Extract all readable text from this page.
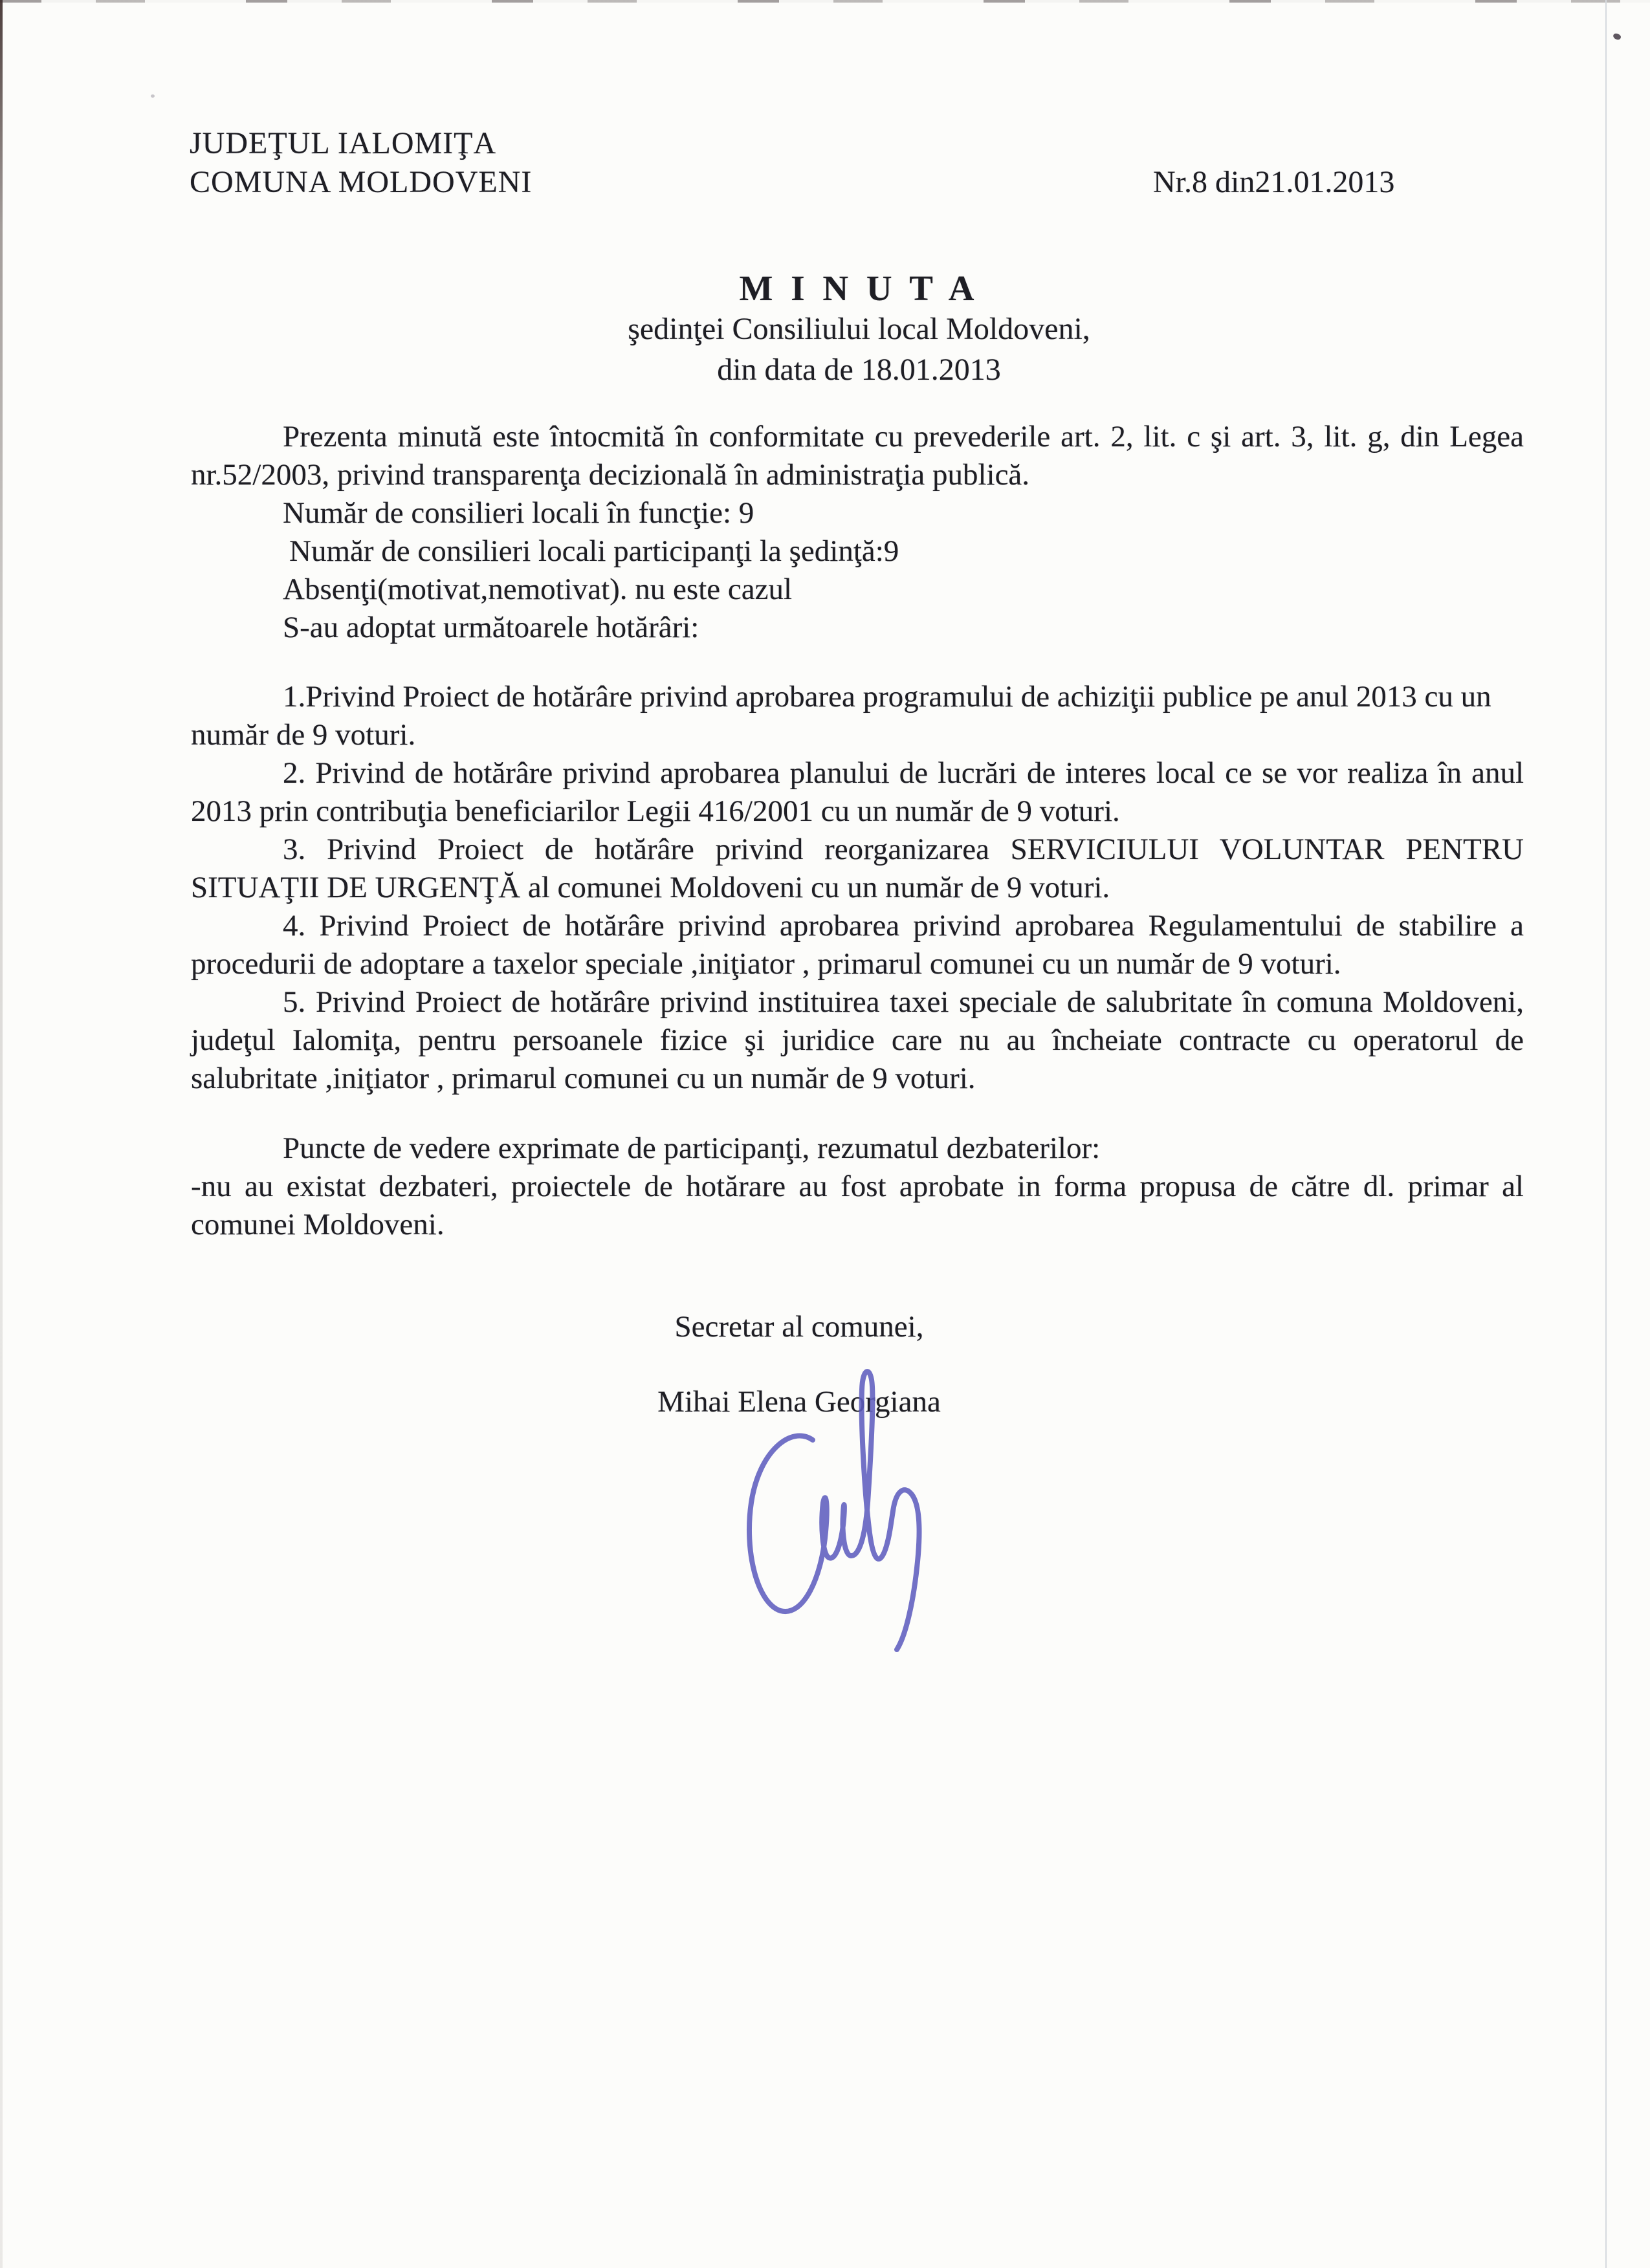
JUDEŢUL IALOMIŢA
COMUNA MOLDOVENI	Nr.8 din21.01.2013
M I N U T A
şedinţei Consiliului local Moldoveni,
din data de 18.01.2013

Prezenta minută este întocmită în conformitate cu prevederile art. 2, lit. c şi art. 3, lit. g, din Legea nr.52/2003, privind transparenţa decizională în administraţia publică.

Număr de consilieri locali în funcţie: 9

Număr de consilieri locali participanţi la şedinţă:9

Absenţi(motivat,nemotivat). nu este cazul

S-au adoptat următoarele hotărâri:

1.Privind Proiect de hotărâre privind aprobarea programului de achiziţii publice pe anul 2013 cu un număr de 9 voturi.

2. Privind de hotărâre privind aprobarea planului de lucrări de interes local ce se vor realiza în anul 2013 prin contribuţia beneficiarilor Legii 416/2001 cu un număr de 9 voturi.

3. Privind Proiect de hotărâre privind reorganizarea SERVICIULUI VOLUNTAR PENTRU SITUAŢII DE URGENŢĂ al comunei Moldoveni cu un număr de 9 voturi.

4. Privind Proiect de hotărâre privind aprobarea privind aprobarea Regulamentului de stabilire a procedurii de adoptare a taxelor speciale ,iniţiator , primarul comunei cu un număr de 9 voturi.

5. Privind Proiect de hotărâre privind instituirea taxei speciale de salubritate în comuna Moldoveni, judeţul Ialomiţa, pentru persoanele fizice şi juridice care nu au încheiate contracte cu operatorul de salubritate ,iniţiator , primarul comunei cu un număr de 9 voturi.

Puncte de vedere exprimate de participanţi, rezumatul dezbaterilor:

-nu au existat dezbateri, proiectele de hotărare au fost aprobate in forma propusa de către dl. primar al comunei Moldoveni.

Secretar al comunei,
Mihai Elena Georgiana
